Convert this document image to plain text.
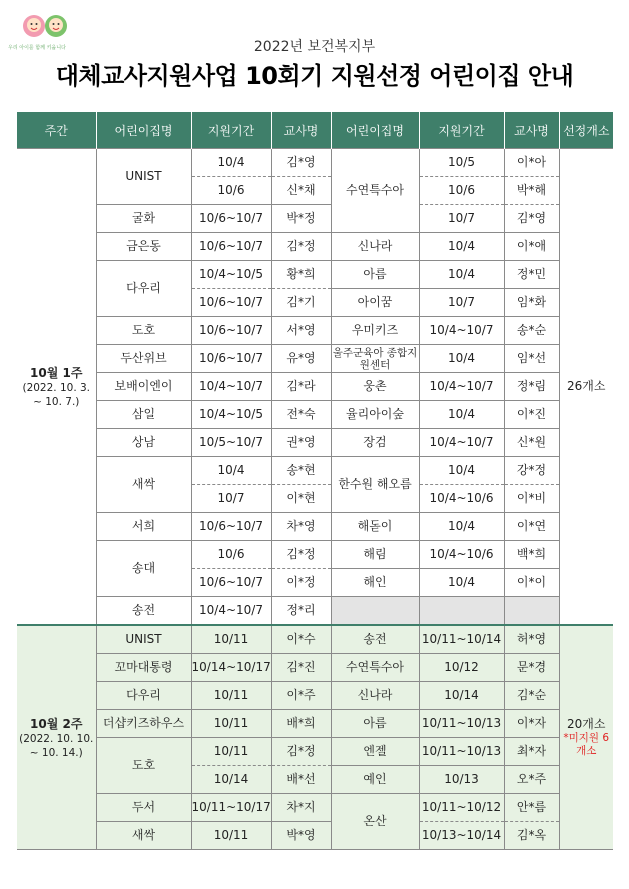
우리 아이를 함께 키웁니다	2022년 보건복지부
대체교사지원사업 10회기 지원선정 어린이집 안내
주간	어린이집명	지원기간	교사명	어린이집명	지원기간	교사명	선정개소
10월 1주
(2022. 10. 3. ~ 10. 7.)	UNIST	10/4	김*영	수연특수아	10/5	이*아	26개소
		10/6	신*채		10/6	박*해	
	굴화	10/6~10/7	박*정		10/7	김*영	
	금은동	10/6~10/7	김*정	신나라	10/4	이*애	
	다우리	10/4~10/5	황*희	아름	10/4	정*민	
		10/6~10/7	김*기	아이꿈	10/7	임*화	
	도호	10/6~10/7	서*영	우미키즈	10/4~10/7	송*순	
	두산위브	10/6~10/7	유*영	울주군육아 종합지원센터	10/4	임*선	
	보배이엔이	10/4~10/7	김*라	웅촌	10/4~10/7	정*림	
	삼일	10/4~10/5	전*숙	율리아이숲	10/4	이*진	
	상남	10/5~10/7	권*영	장검	10/4~10/7	신*원	
	새싹	10/4	송*현	한수원 해오름	10/4	강*정	
		10/7	이*현		10/4~10/6	이*비	
	서희	10/6~10/7	차*영	해돋이	10/4	이*연	
	송대	10/6	김*정	해림	10/4~10/6	백*희	
		10/6~10/7	이*정	해인	10/4	이*이	
	송전	10/4~10/7	정*리				
10월 2주
(2022. 10. 10. ~ 10. 14.)	UNIST	10/11	이*수	송전	10/11~10/14	허*영	20개소
*미지원 6개소
	꼬마대통령	10/14~10/17	김*진	수연특수아	10/12	문*경	
	다우리	10/11	이*주	신나라	10/14	김*순	
	더샵키즈하우스	10/11	배*희	아름	10/11~10/13	이*자	
	도호	10/11	김*정	엔젤	10/11~10/13	최*자	
		10/14	배*선	예인	10/13	오*주	
	두서	10/11~10/17	차*지	온산	10/11~10/12	안*름	
	새싹	10/11	박*영		10/13~10/14	김*옥	
